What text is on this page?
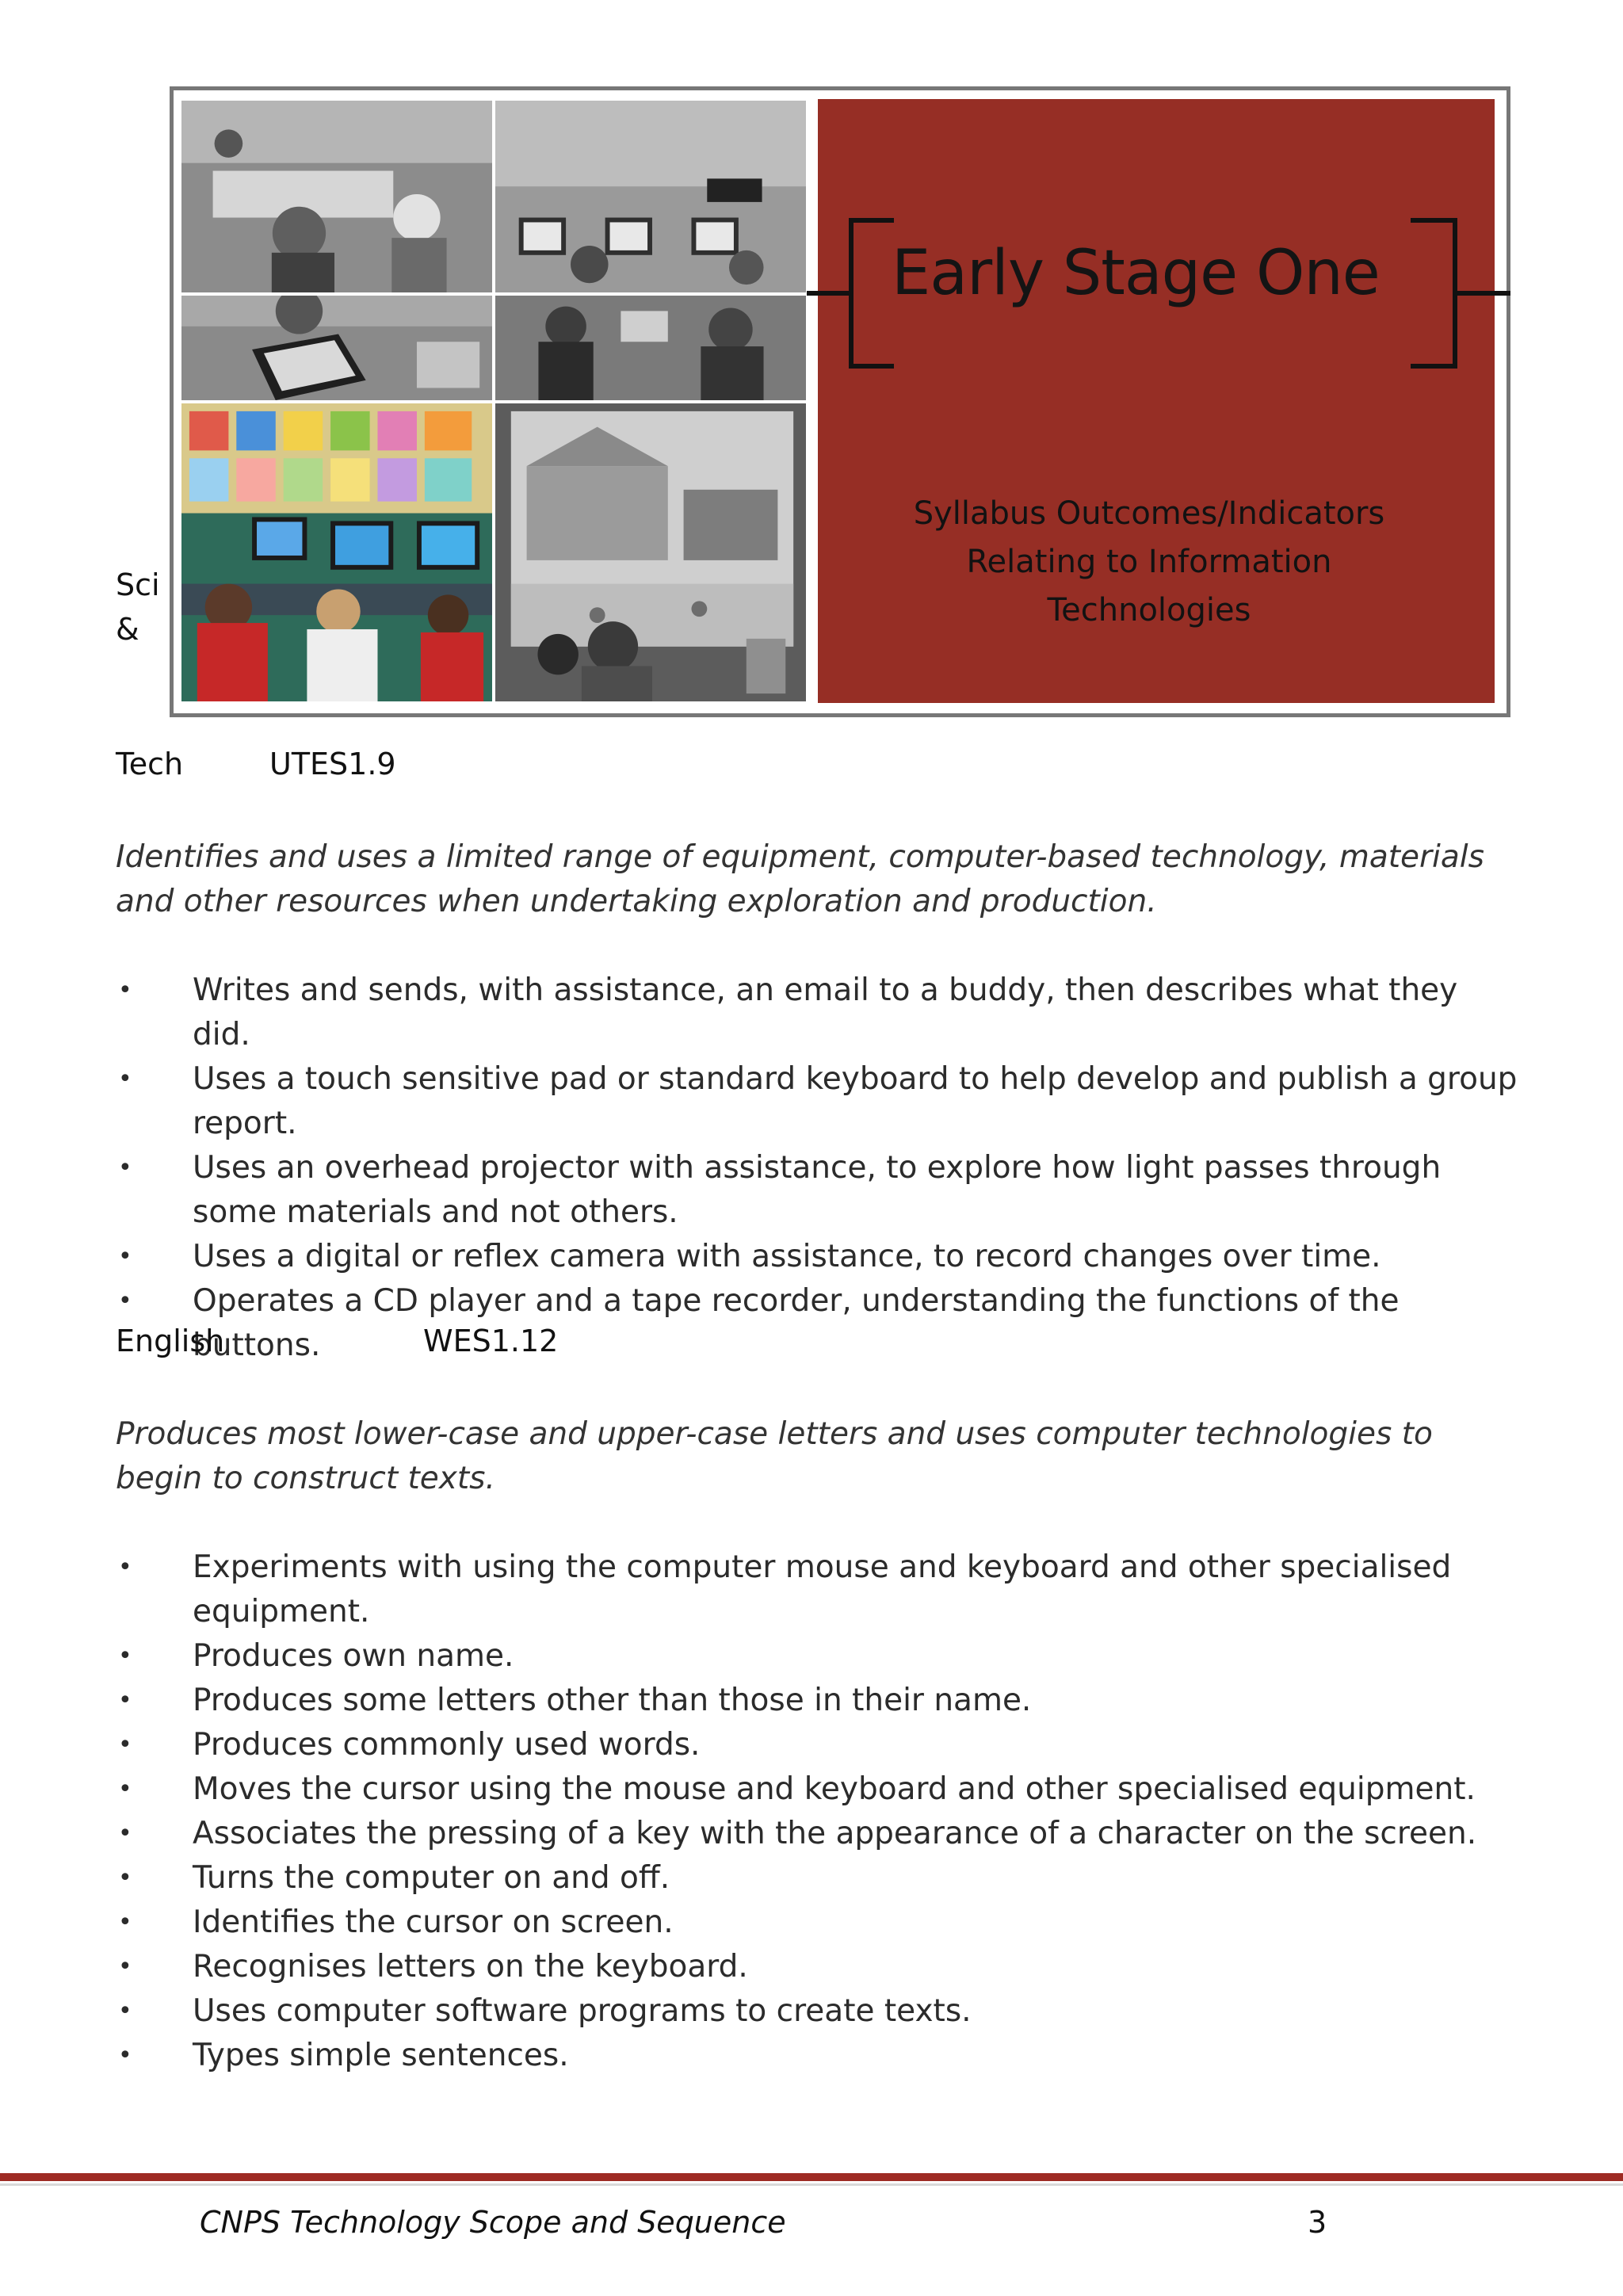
Early Stage One
Syllabus Outcomes/Indicators
Relating to Information
Technologies
Sci
&
Tech	UTES1.9
Identifies and uses a limited range of equipment, computer-based technology, materials and other resources when undertaking exploration and production.
• Writes and sends, with assistance, an email to a buddy, then describes what they did.
• Uses a touch sensitive pad or standard keyboard to help develop and publish a group report.
• Uses an overhead projector with assistance, to explore how light passes through some materials and not others.
• Uses a digital or reflex camera with assistance, to record changes over time.
• Operates a CD player and a tape recorder, understanding the functions of the buttons.
English	WES1.12
Produces most lower-case and upper-case letters and uses computer technologies to begin to construct texts.
• Experiments with using the computer mouse and keyboard and other specialised equipment.
• Produces own name.
• Produces some letters other than those in their name.
• Produces commonly used words.
• Moves the cursor using the mouse and keyboard and other specialised equipment.
• Associates the pressing of a key with the appearance of a character on the screen.
• Turns the computer on and off.
• Identifies the cursor on screen.
• Recognises letters on the keyboard.
• Uses computer software programs to create texts.
• Types simple sentences.
CNPS Technology Scope and Sequence	3
